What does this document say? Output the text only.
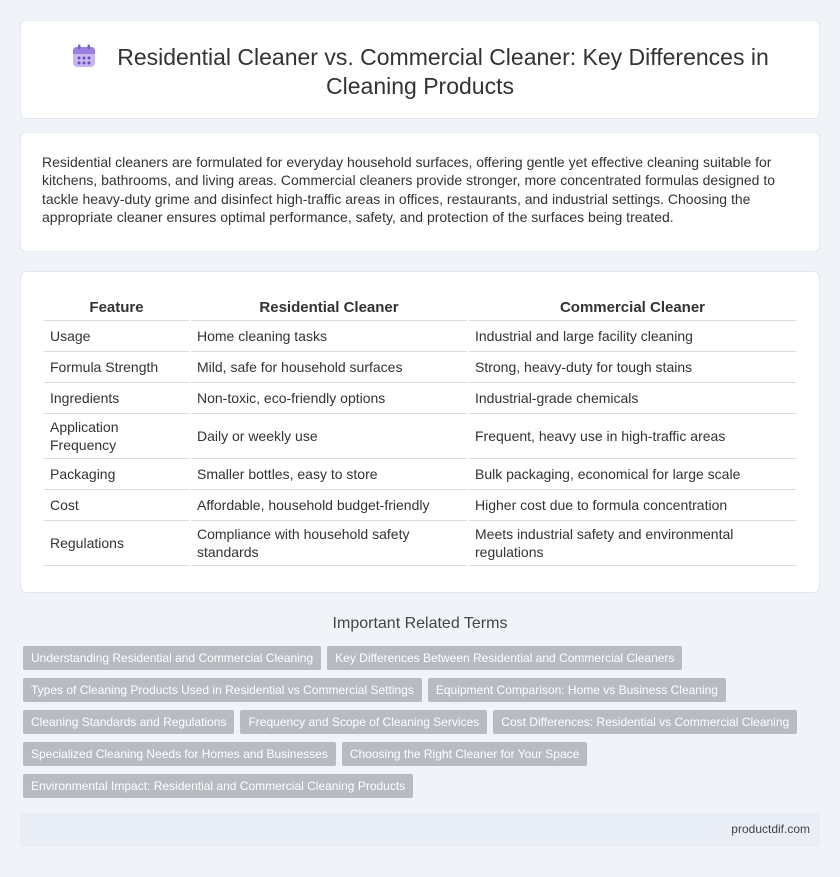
Residential Cleaner vs. Commercial Cleaner: Key Differences in Cleaning Products

Residential cleaners are formulated for everyday household surfaces, offering gentle yet effective cleaning suitable for kitchens, bathrooms, and living areas. Commercial cleaners provide stronger, more concentrated formulas designed to tackle heavy-duty grime and disinfect high-traffic areas in offices, restaurants, and industrial settings. Choosing the appropriate cleaner ensures optimal performance, safety, and protection of the surfaces being treated.

Feature	Residential Cleaner	Commercial Cleaner
Usage	Home cleaning tasks	Industrial and large facility cleaning
Formula Strength	Mild, safe for household surfaces	Strong, heavy-duty for tough stains
Ingredients	Non-toxic, eco-friendly options	Industrial-grade chemicals
Application Frequency	Daily or weekly use	Frequent, heavy use in high-traffic areas
Packaging	Smaller bottles, easy to store	Bulk packaging, economical for large scale
Cost	Affordable, household budget-friendly	Higher cost due to formula concentration
Regulations	Compliance with household safety standards	Meets industrial safety and environmental regulations
Important Related Terms
Understanding Residential and Commercial Cleaning Key Differences Between Residential and Commercial Cleaners
Types of Cleaning Products Used in Residential vs Commercial Settings Equipment Comparison: Home vs Business Cleaning
Cleaning Standards and Regulations Frequency and Scope of Cleaning Services Cost Differences: Residential vs Commercial Cleaning
Specialized Cleaning Needs for Homes and Businesses Choosing the Right Cleaner for Your Space
Environmental Impact: Residential and Commercial Cleaning Products
productdif.com
